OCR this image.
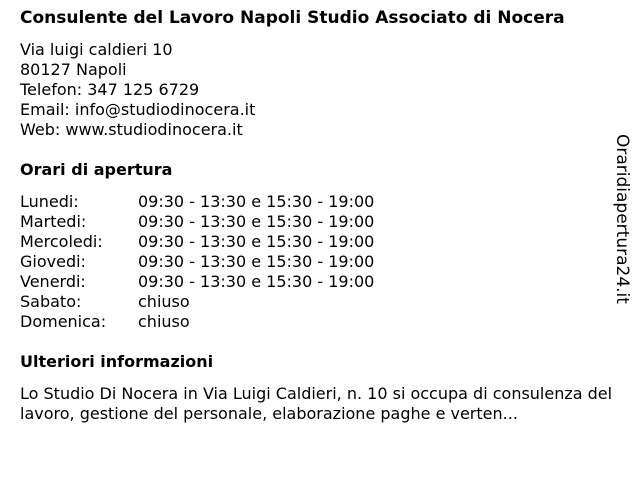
Consulente del Lavoro Napoli Studio Associato di Nocera
Via luigi caldieri 10
80127 Napoli
Telefon: 347 125 6729
Email: info@studiodinocera.it
Web: www.studiodinocera.it
Orari di apertura
Lunedi:	09:30 - 13:30 e 15:30 - 19:00
Martedi:	09:30 - 13:30 e 15:30 - 19:00
Mercoledi:	09:30 - 13:30 e 15:30 - 19:00
Giovedi:	09:30 - 13:30 e 15:30 - 19:00
Venerdi:	09:30 - 13:30 e 15:30 - 19:00
Sabato:	chiuso
Domenica:	chiuso
Ulteriori informazioni
Lo Studio Di Nocera in Via Luigi Caldieri, n. 10 si occupa di consulenza del lavoro, gestione del personale, elaborazione paghe e verten...
Oraridiapertura24.it
